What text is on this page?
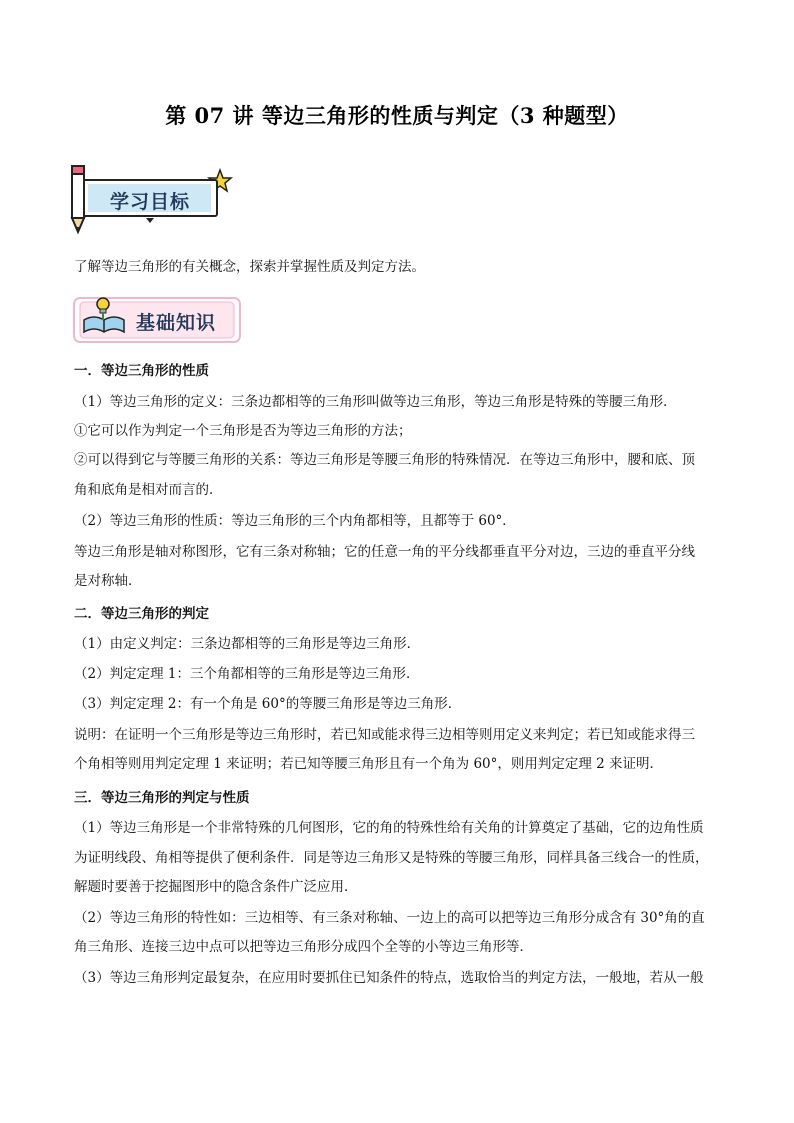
第 07 讲 等边三角形的性质与判定（3 种题型）
学习目标
了解等边三角形的有关概念，探索并掌握性质及判定方法。
基础知识
一．等边三角形的性质
（1）等边三角形的定义：三条边都相等的三角形叫做等边三角形，等边三角形是特殊的等腰三角形．
①它可以作为判定一个三角形是否为等边三角形的方法；
②可以得到它与等腰三角形的关系：等边三角形是等腰三角形的特殊情况．在等边三角形中，腰和底、顶
角和底角是相对而言的．
（2）等边三角形的性质：等边三角形的三个内角都相等，且都等于 60°．
等边三角形是轴对称图形，它有三条对称轴；它的任意一角的平分线都垂直平分对边，三边的垂直平分线
是对称轴．
二．等边三角形的判定
（1）由定义判定：三条边都相等的三角形是等边三角形．
（2）判定定理 1：三个角都相等的三角形是等边三角形．
（3）判定定理 2：有一个角是 60°的等腰三角形是等边三角形．
说明：在证明一个三角形是等边三角形时，若已知或能求得三边相等则用定义来判定；若已知或能求得三
个角相等则用判定定理 1 来证明；若已知等腰三角形且有一个角为 60°，则用判定定理 2 来证明．
三．等边三角形的判定与性质
（1）等边三角形是一个非常特殊的几何图形，它的角的特殊性给有关角的计算奠定了基础，它的边角性质
为证明线段、角相等提供了便利条件．同是等边三角形又是特殊的等腰三角形，同样具备三线合一的性质，
解题时要善于挖掘图形中的隐含条件广泛应用．
（2）等边三角形的特性如：三边相等、有三条对称轴、一边上的高可以把等边三角形分成含有 30°角的直
角三角形、连接三边中点可以把等边三角形分成四个全等的小等边三角形等．
（3）等边三角形判定最复杂，在应用时要抓住已知条件的特点，选取恰当的判定方法，一般地，若从一般
